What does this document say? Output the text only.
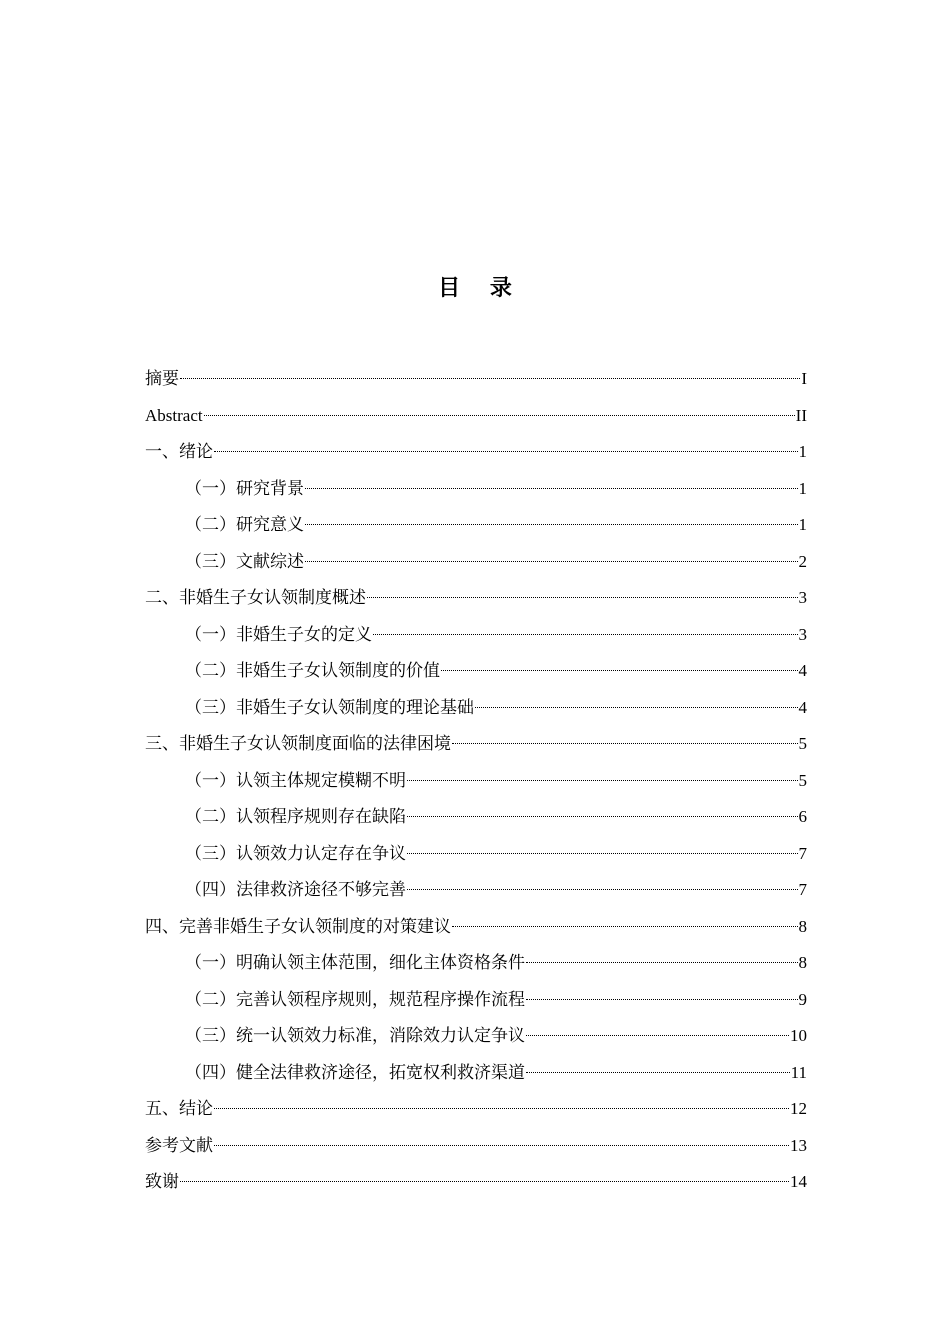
目 录
摘要	I
Abstract	II
一、绪论	1
（一）研究背景	1
（二）研究意义	1
（三）文献综述	2
二、非婚生子女认领制度概述	3
（一）非婚生子女的定义	3
（二）非婚生子女认领制度的价值	4
（三）非婚生子女认领制度的理论基础	4
三、非婚生子女认领制度面临的法律困境	5
（一）认领主体规定模糊不明	5
（二）认领程序规则存在缺陷	6
（三）认领效力认定存在争议	7
（四）法律救济途径不够完善	7
四、完善非婚生子女认领制度的对策建议	8
（一）明确认领主体范围，细化主体资格条件	8
（二）完善认领程序规则，规范程序操作流程	9
（三）统一认领效力标准，消除效力认定争议	10
（四）健全法律救济途径，拓宽权利救济渠道	11
五、结论	12
参考文献	13
致谢	14
